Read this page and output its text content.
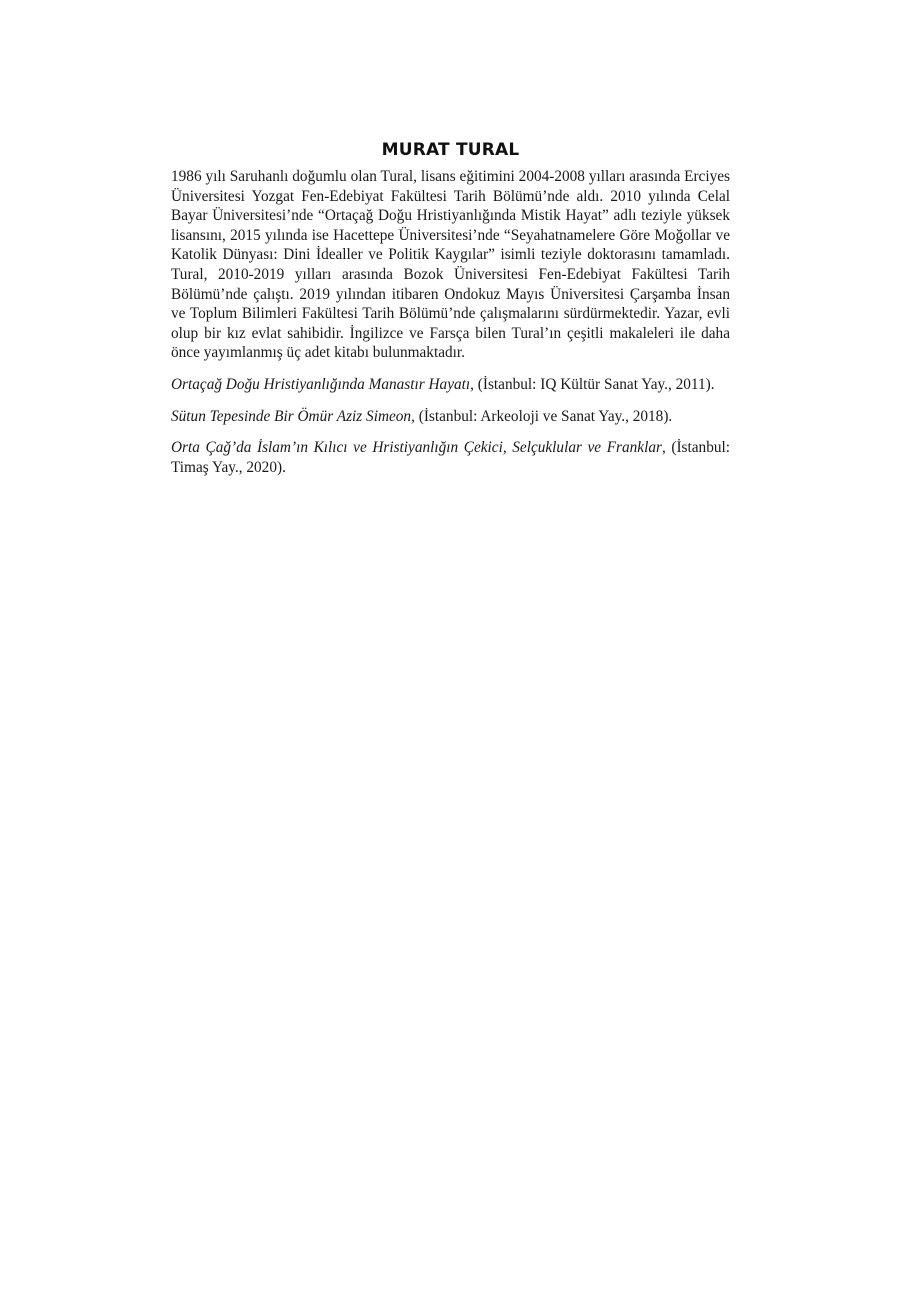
MURAT TURAL

1986 yılı Saruhanlı doğumlu olan Tural, lisans eğitimini 2004-2008 yılları arasında Erciyes Üniversitesi Yozgat Fen-Edebiyat Fakültesi Tarih Bölümü’nde aldı. 2010 yılında Celal Bayar Üniversitesi’nde “Ortaçağ Doğu Hristiyanlığında Mistik Hayat” adlı teziyle yüksek lisansını, 2015 yılında ise Hacettepe Üniversitesi’nde “Seyahatnamelere Göre Moğollar ve Katolik Dünyası: Dini İdealler ve Politik Kaygılar” isimli teziyle doktorasını tamamladı. Tural, 2010-2019 yılları arasında Bozok Üniversitesi Fen-Edebiyat Fakültesi Tarih Bölümü’nde çalıştı. 2019 yılından itibaren Ondokuz Mayıs Üniversitesi Çarşamba İnsan ve Toplum Bilimleri Fakültesi Tarih Bölümü’nde çalışmalarını sürdürmektedir. Yazar, evli olup bir kız evlat sahibidir. İngilizce ve Farsça bilen Tural’ın çeşitli makaleleri ile daha önce yayımlanmış üç adet kitabı bulunmaktadır.

Ortaçağ Doğu Hristiyanlığında Manastır Hayatı, (İstanbul: IQ Kültür Sanat Yay., 2011).

Sütun Tepesinde Bir Ömür Aziz Simeon, (İstanbul: Arkeoloji ve Sanat Yay., 2018).

Orta Çağ’da İslam’ın Kılıcı ve Hristiyanlığın Çekici, Selçuklular ve Franklar, (İstanbul: Timaş Yay., 2020).
